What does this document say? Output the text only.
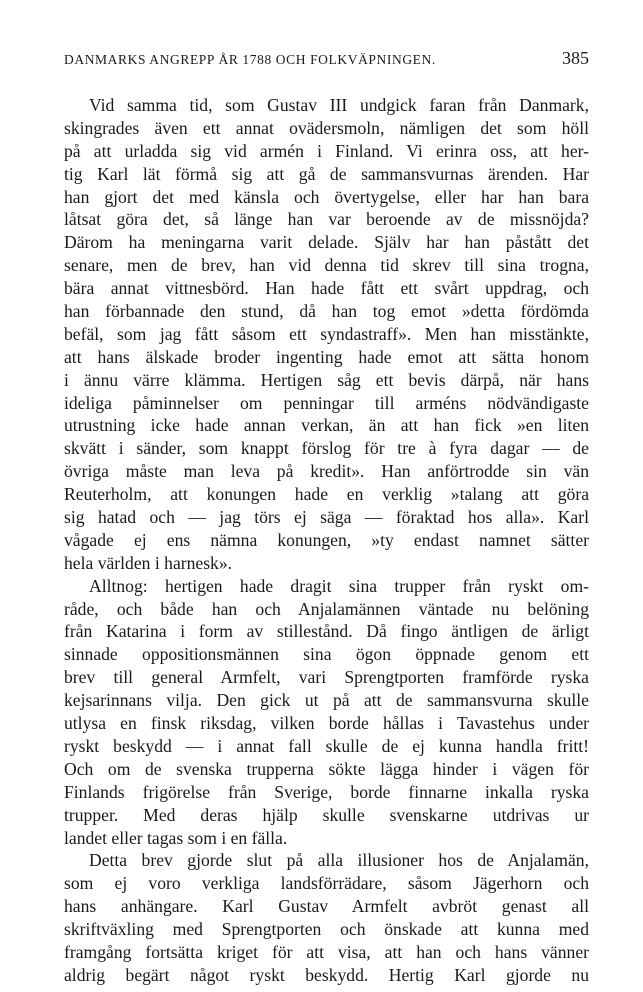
DANMARKS ANGREPP ÅR 1788 OCH FOLKVÄPNINGEN.	385
Vid samma tid, som Gustav III undgick faran från Danmark,
skingrades även ett annat ovädersmoln, nämligen det som höll
på att urladda sig vid armén i Finland. Vi erinra oss, att her-
tig Karl lät förmå sig att gå de sammansvurnas ärenden. Har
han gjort det med känsla och övertygelse, eller har han bara
låtsat göra det, så länge han var beroende av de missnöjda?
Därom ha meningarna varit delade. Själv har han påstått det
senare, men de brev, han vid denna tid skrev till sina trogna,
bära annat vittnesbörd. Han hade fått ett svårt uppdrag, och
han förbannade den stund, då han tog emot »detta fördömda
befäl, som jag fått såsom ett syndastraff». Men han misstänkte,
att hans älskade broder ingenting hade emot att sätta honom
i ännu värre klämma. Hertigen såg ett bevis därpå, när hans
ideliga påminnelser om penningar till arméns nödvändigaste
utrustning icke hade annan verkan, än att han fick »en liten
skvätt i sänder, som knappt förslog för tre à fyra dagar — de
övriga måste man leva på kredit». Han anförtrodde sin vän
Reuterholm, att konungen hade en verklig »talang att göra
sig hatad och — jag törs ej säga — föraktad hos alla». Karl
vågade ej ens nämna konungen, »ty endast namnet sätter
hela världen i harnesk».
Alltnog: hertigen hade dragit sina trupper från ryskt om-
råde, och både han och Anjalamännen väntade nu belöning
från Katarina i form av stillestånd. Då fingo äntligen de ärligt
sinnade oppositionsmännen sina ögon öppnade genom ett
brev till general Armfelt, vari Sprengtporten framförde ryska
kejsarinnans vilja. Den gick ut på att de sammansvurna skulle
utlysa en finsk riksdag, vilken borde hållas i Tavastehus under
ryskt beskydd — i annat fall skulle de ej kunna handla fritt!
Och om de svenska trupperna sökte lägga hinder i vägen för
Finlands frigörelse från Sverige, borde finnarne inkalla ryska
trupper. Med deras hjälp skulle svenskarne utdrivas ur
landet eller tagas som i en fälla.
Detta brev gjorde slut på alla illusioner hos de Anjalamän,
som ej voro verkliga landsförrädare, såsom Jägerhorn och
hans anhängare. Karl Gustav Armfelt avbröt genast all
skriftväxling med Sprengtporten och önskade att kunna med
framgång fortsätta kriget för att visa, att han och hans vänner
aldrig begärt något ryskt beskydd. Hertig Karl gjorde nu
